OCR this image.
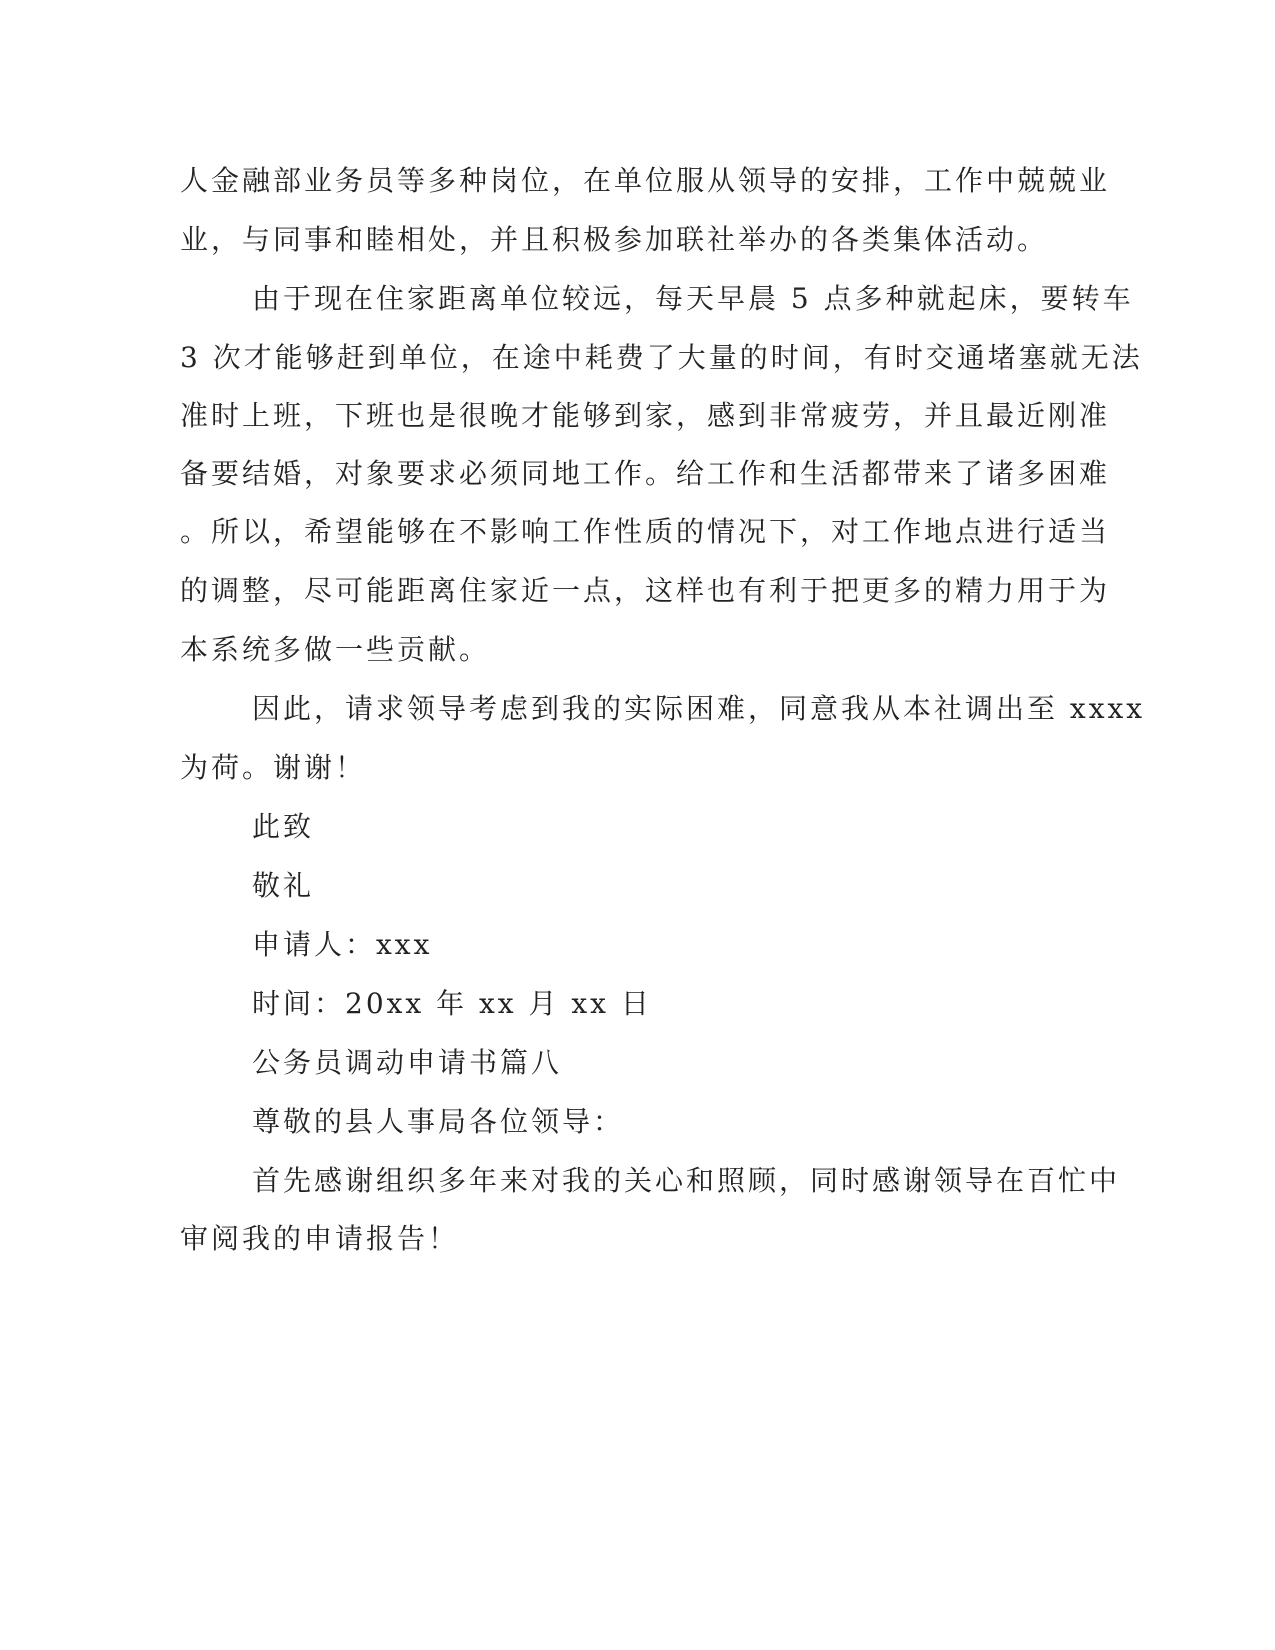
人金融部业务员等多种岗位，在单位服从领导的安排，工作中兢兢业
业，与同事和睦相处，并且积极参加联社举办的各类集体活动。
由于现在住家距离单位较远，每天早晨 5 点多种就起床，要转车
3 次才能够赶到单位，在途中耗费了大量的时间，有时交通堵塞就无法
准时上班，下班也是很晚才能够到家，感到非常疲劳，并且最近刚准
备要结婚，对象要求必须同地工作。给工作和生活都带来了诸多困难
。所以，希望能够在不影响工作性质的情况下，对工作地点进行适当
的调整，尽可能距离住家近一点，这样也有利于把更多的精力用于为
本系统多做一些贡献。
因此，请求领导考虑到我的实际困难，同意我从本社调出至 xxxx
为荷。谢谢！
此致
敬礼
申请人：xxx
时间：20xx 年 xx 月 xx 日
公务员调动申请书篇八
尊敬的县人事局各位领导：
首先感谢组织多年来对我的关心和照顾，同时感谢领导在百忙中
审阅我的申请报告！
